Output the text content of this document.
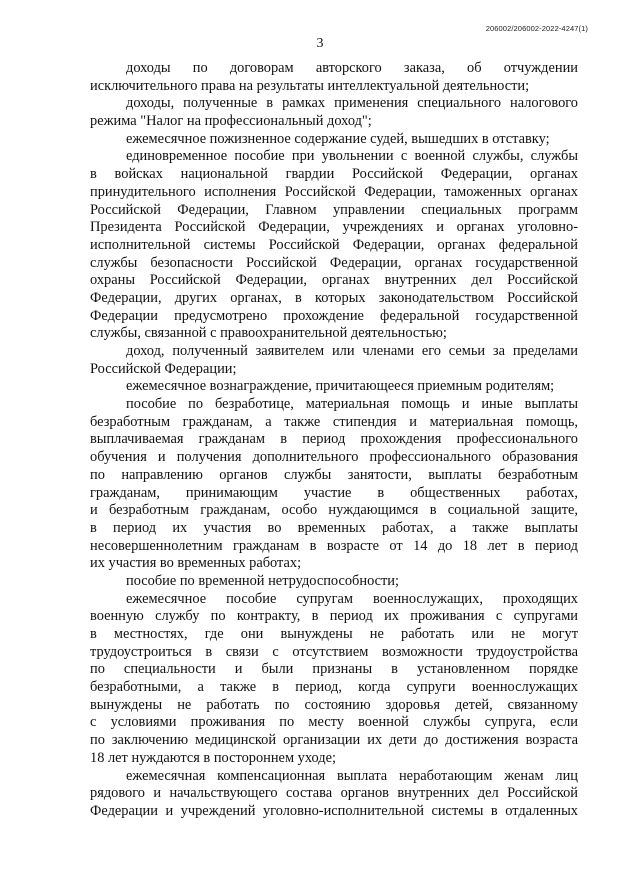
206002/206002-2022-4247(1)
3
доходы по договорам авторского заказа, об отчуждении
исключительного права на результаты интеллектуальной деятельности;
доходы, полученные в рамках применения специального налогового
режима "Налог на профессиональный доход";
ежемесячное пожизненное содержание судей, вышедших в отставку;
единовременное пособие при увольнении с военной службы, службы
в войсках национальной гвардии Российской Федерации, органах
принудительного исполнения Российской Федерации, таможенных органах
Российской Федерации, Главном управлении специальных программ
Президента Российской Федерации, учреждениях и органах уголовно-
исполнительной системы Российской Федерации, органах федеральной
службы безопасности Российской Федерации, органах государственной
охраны Российской Федерации, органах внутренних дел Российской
Федерации, других органах, в которых законодательством Российской
Федерации предусмотрено прохождение федеральной государственной
службы, связанной с правоохранительной деятельностью;
доход, полученный заявителем или членами его семьи за пределами
Российской Федерации;
ежемесячное вознаграждение, причитающееся приемным родителям;
пособие по безработице, материальная помощь и иные выплаты
безработным гражданам, а также стипендия и материальная помощь,
выплачиваемая гражданам в период прохождения профессионального
обучения и получения дополнительного профессионального образования
по направлению органов службы занятости, выплаты безработным
гражданам, принимающим участие в общественных работах,
и безработным гражданам, особо нуждающимся в социальной защите,
в период их участия во временных работах, а также выплаты
несовершеннолетним гражданам в возрасте от 14 до 18 лет в период
их участия во временных работах;
пособие по временной нетрудоспособности;
ежемесячное пособие супругам военнослужащих, проходящих
военную службу по контракту, в период их проживания с супругами
в местностях, где они вынуждены не работать или не могут
трудоустроиться в связи с отсутствием возможности трудоустройства
по специальности и были признаны в установленном порядке
безработными, а также в период, когда супруги военнослужащих
вынуждены не работать по состоянию здоровья детей, связанному
с условиями проживания по месту военной службы супруга, если
по заключению медицинской организации их дети до достижения возраста
18 лет нуждаются в постороннем уходе;
ежемесячная компенсационная выплата неработающим женам лиц
рядового и начальствующего состава органов внутренних дел Российской
Федерации и учреждений уголовно-исполнительной системы в отдаленных
